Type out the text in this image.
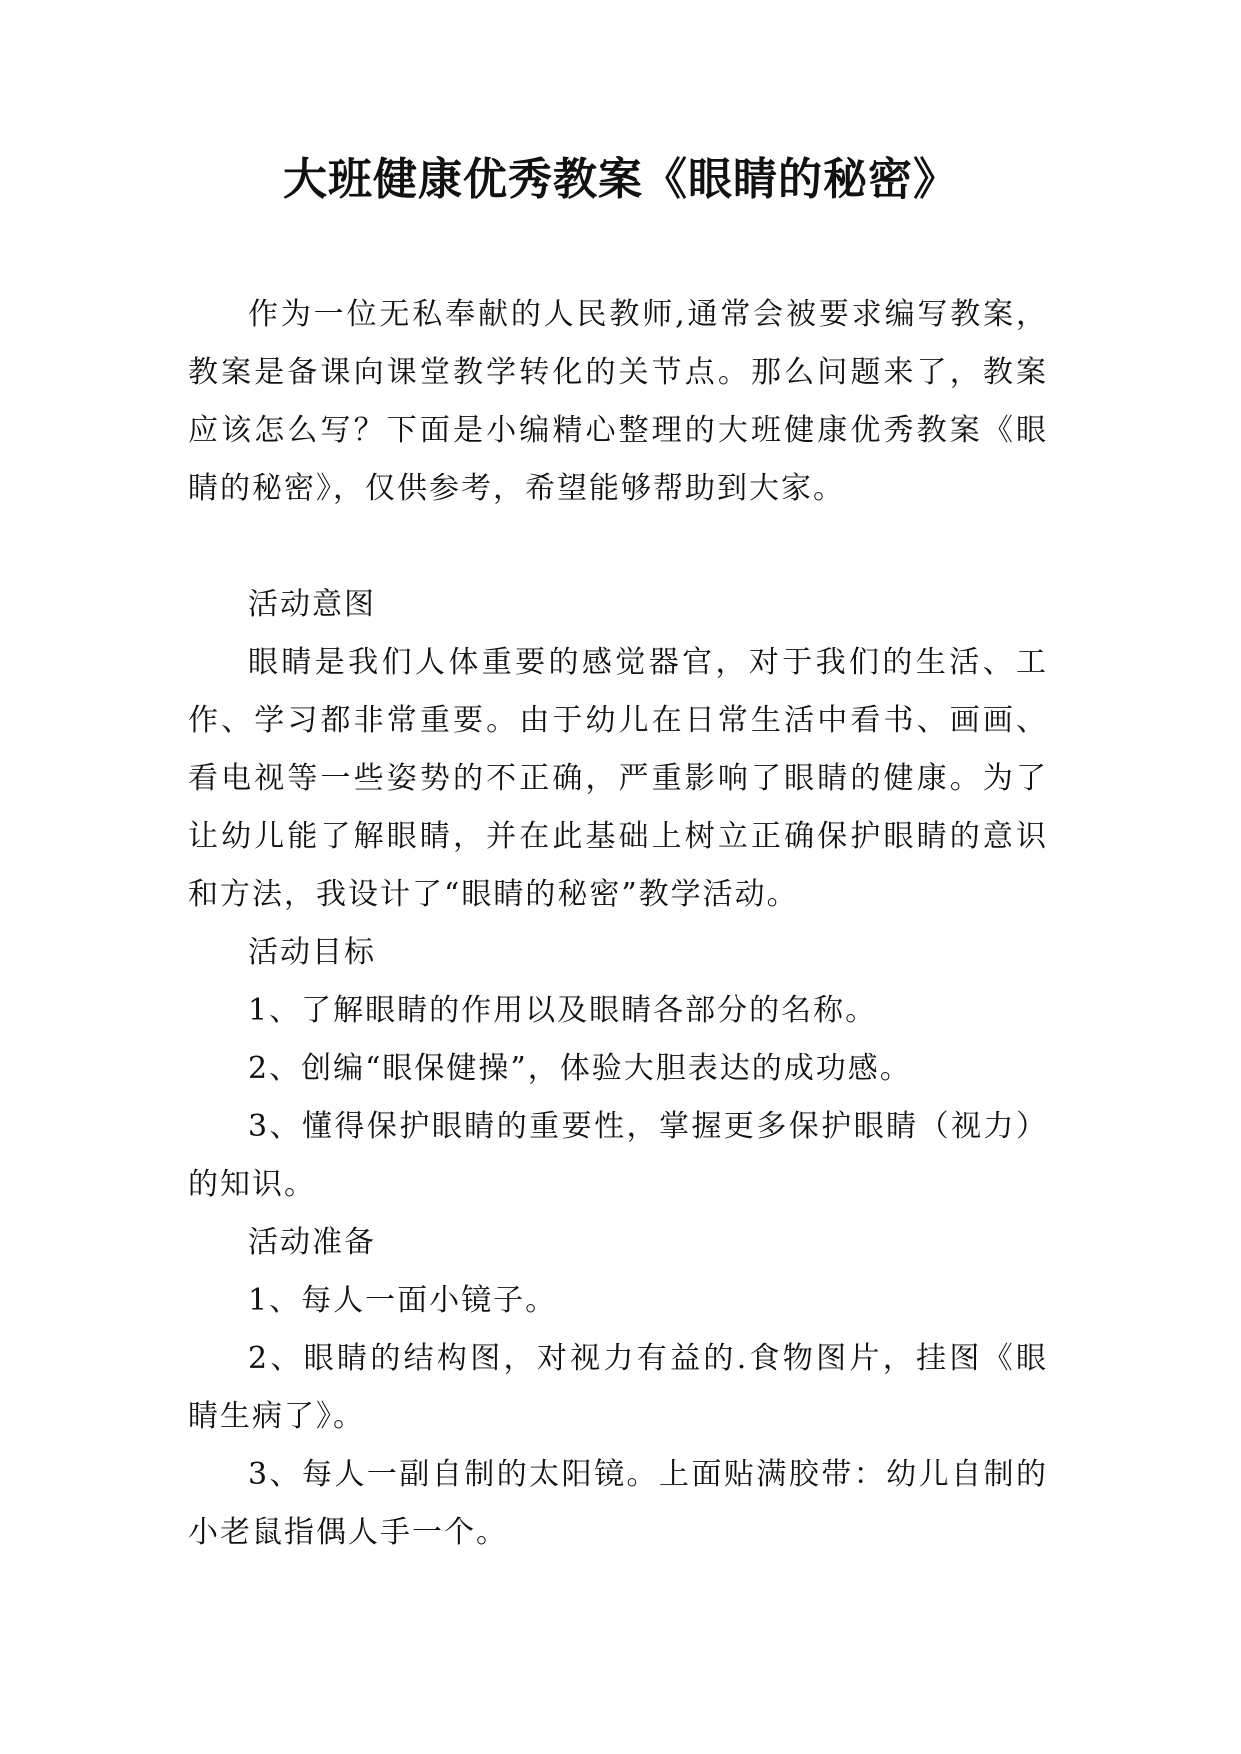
大班健康优秀教案《眼睛的秘密》

作为一位无私奉献的人民教师,通常会被要求编写教案，教案是备课向课堂教学转化的关节点。那么问题来了，教案应该怎么写？下面是小编精心整理的大班健康优秀教案《眼睛的秘密》，仅供参考，希望能够帮助到大家。

活动意图

眼睛是我们人体重要的感觉器官，对于我们的生活、工作、学习都非常重要。由于幼儿在日常生活中看书、画画、看电视等一些姿势的不正确，严重影响了眼睛的健康。为了让幼儿能了解眼睛，并在此基础上树立正确保护眼睛的意识和方法，我设计了“眼睛的秘密”教学活动。

活动目标

1、了解眼睛的作用以及眼睛各部分的名称。

2、创编“眼保健操”，体验大胆表达的成功感。

3、懂得保护眼睛的重要性，掌握更多保护眼睛（视力）的知识。

活动准备

1、每人一面小镜子。

2、眼睛的结构图，对视力有益的.食物图片，挂图《眼睛生病了》。

3、每人一副自制的太阳镜。上面贴满胶带：幼儿自制的小老鼠指偶人手一个。
